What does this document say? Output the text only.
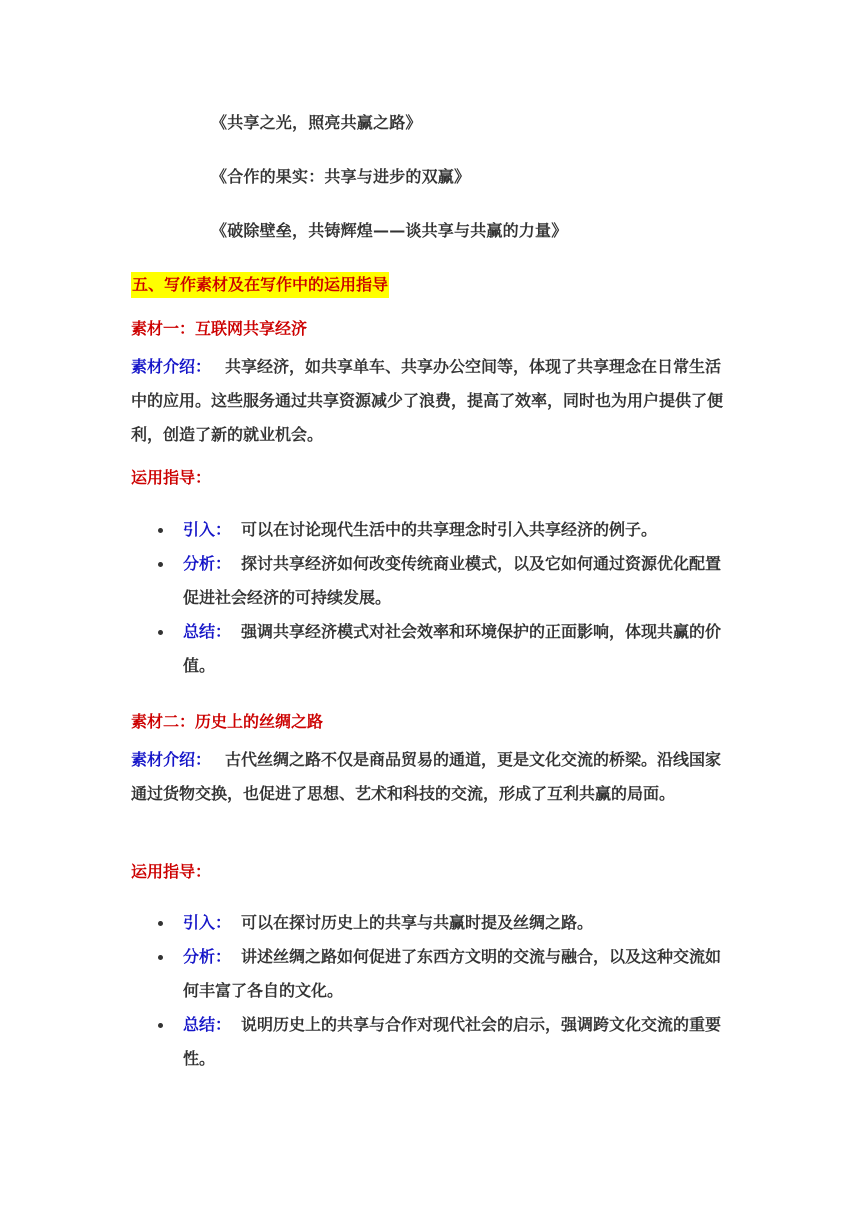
《共享之光，照亮共赢之路》
《合作的果实：共享与进步的双赢》
《破除壁垒，共铸辉煌——谈共享与共赢的力量》
五、写作素材及在写作中的运用指导
素材一：互联网共享经济
素材介绍： 共享经济，如共享单车、共享办公空间等，体现了共享理念在日常生活中的应用。这些服务通过共享资源减少了浪费，提高了效率，同时也为用户提供了便利，创造了新的就业机会。
运用指导：
引入： 可以在讨论现代生活中的共享理念时引入共享经济的例子。
分析： 探讨共享经济如何改变传统商业模式，以及它如何通过资源优化配置促进社会经济的可持续发展。
总结： 强调共享经济模式对社会效率和环境保护的正面影响，体现共赢的价值。
素材二：历史上的丝绸之路
素材介绍： 古代丝绸之路不仅是商品贸易的通道，更是文化交流的桥梁。沿线国家通过货物交换，也促进了思想、艺术和科技的交流，形成了互利共赢的局面。
运用指导：
引入： 可以在探讨历史上的共享与共赢时提及丝绸之路。
分析： 讲述丝绸之路如何促进了东西方文明的交流与融合，以及这种交流如何丰富了各自的文化。
总结： 说明历史上的共享与合作对现代社会的启示，强调跨文化交流的重要性。
